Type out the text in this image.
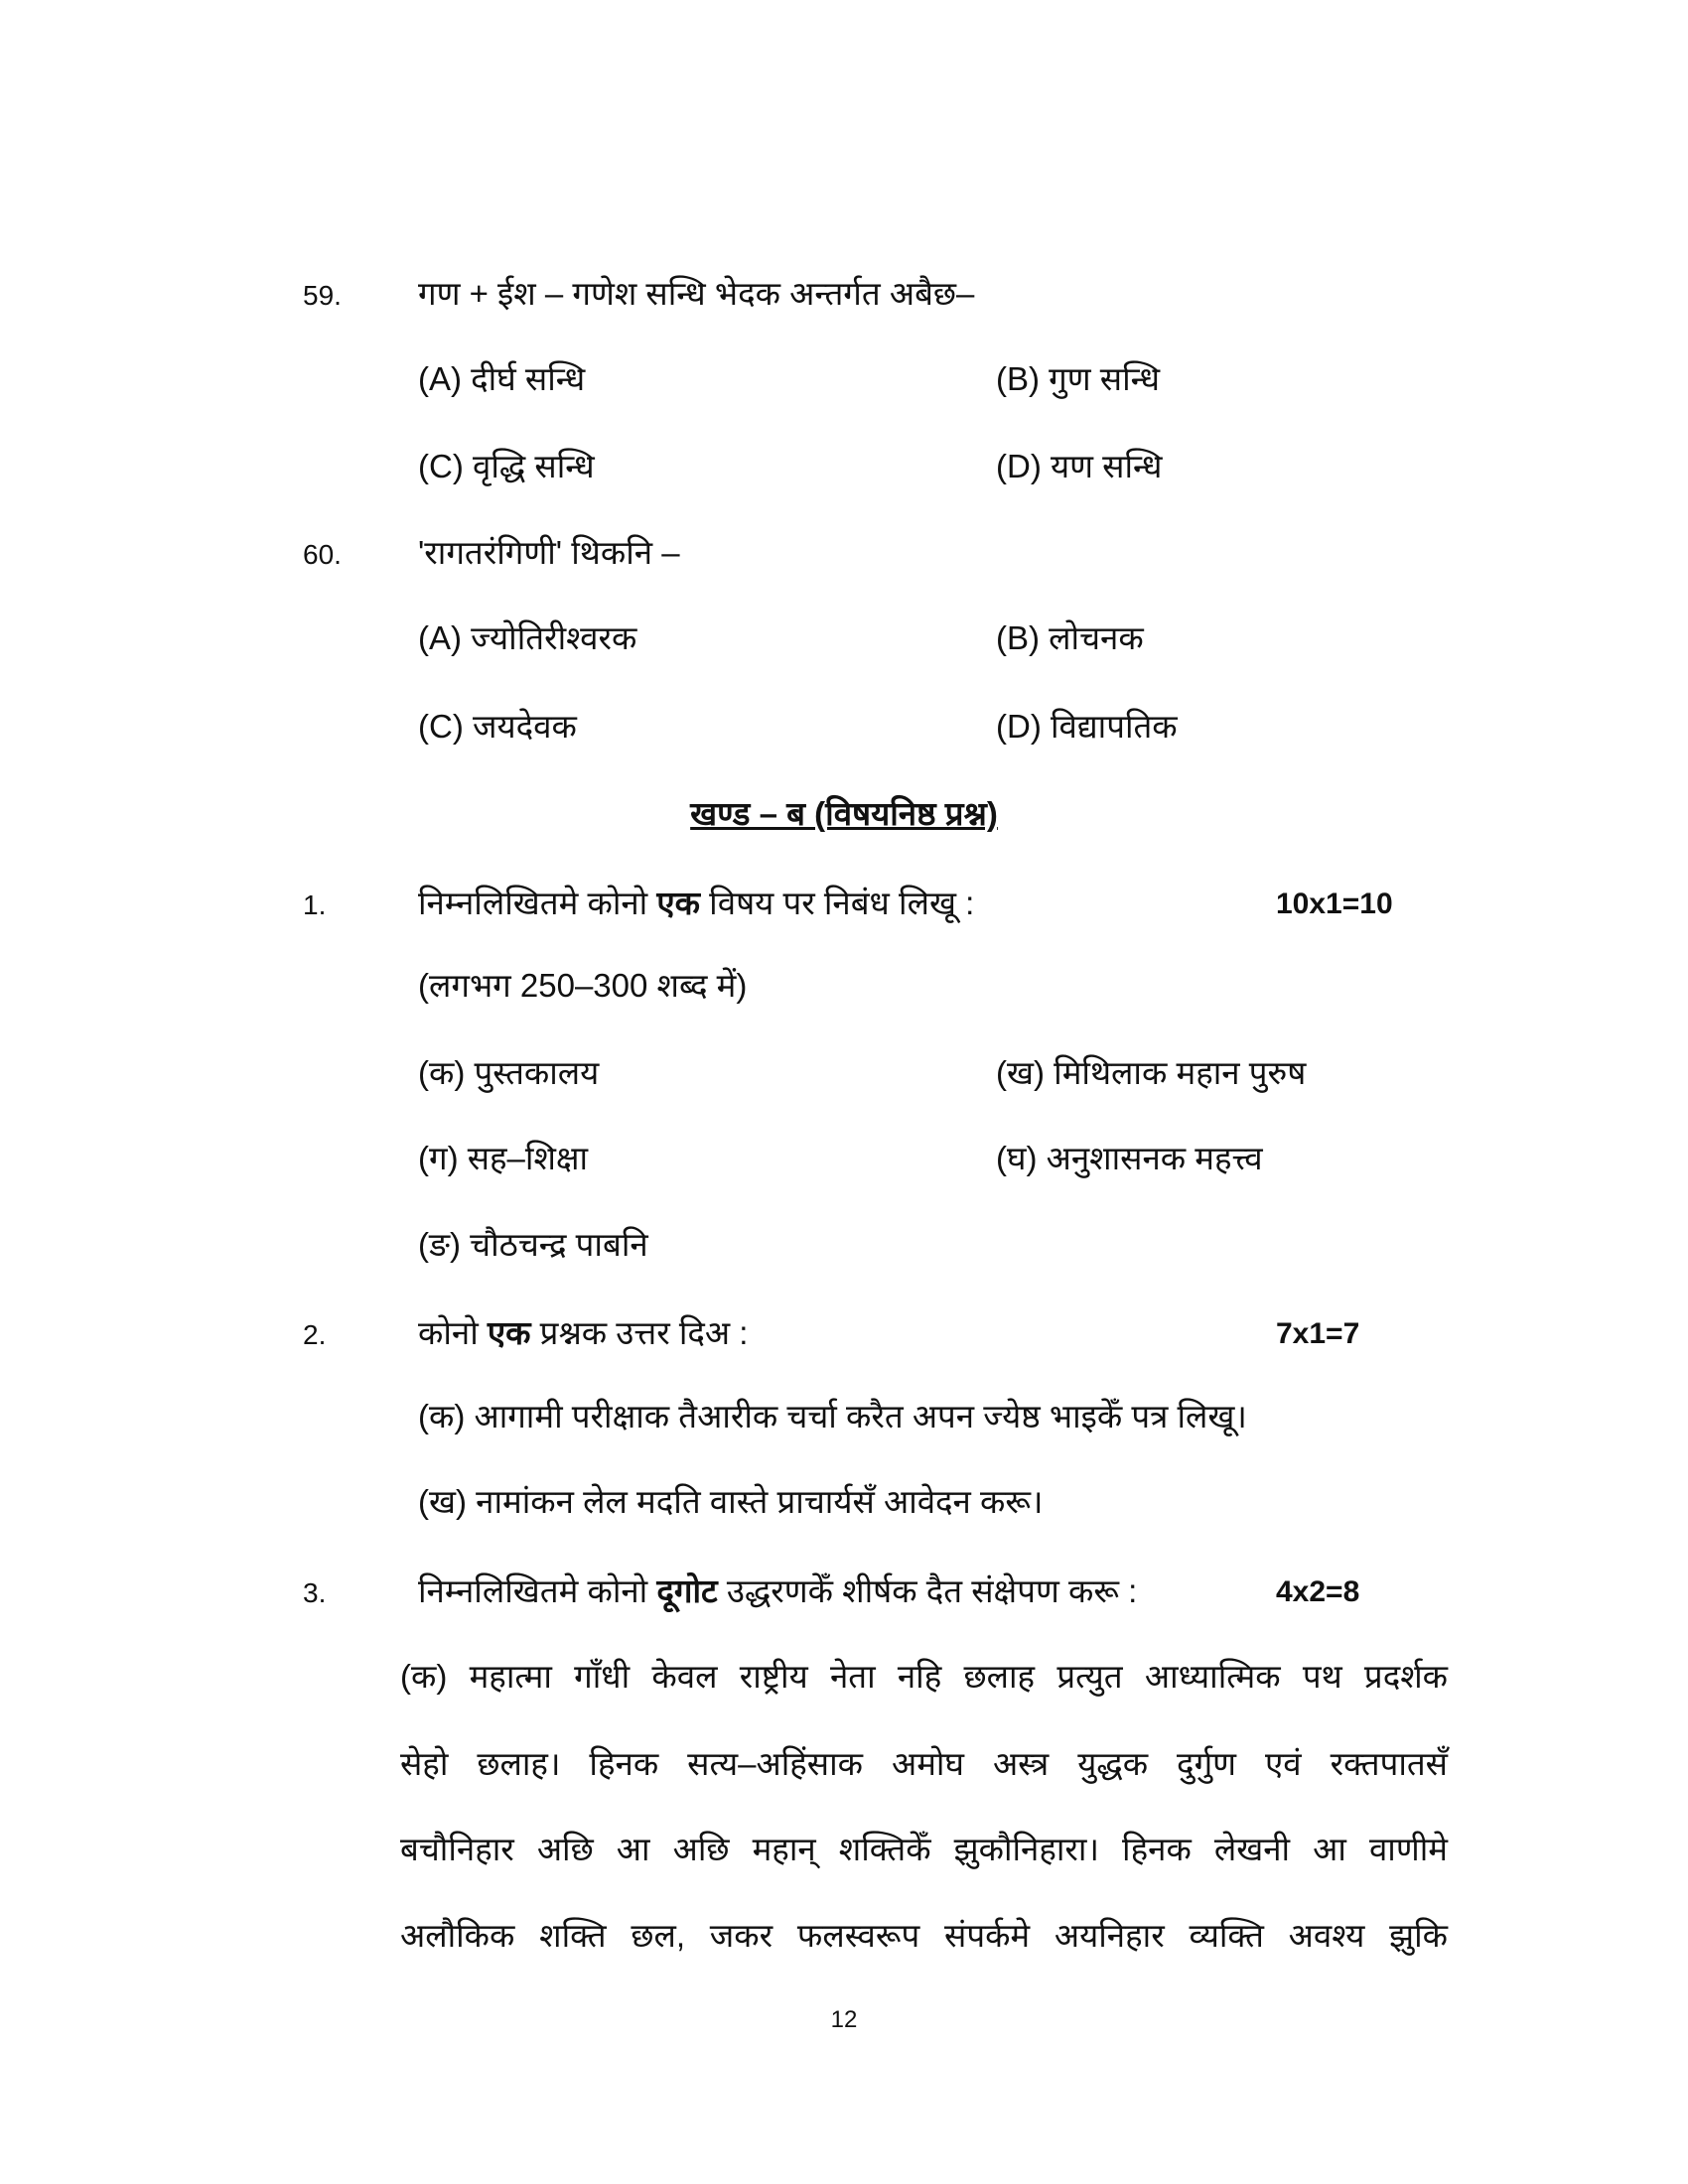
59. गण + ईश – गणेश सन्धि भेदक अन्तर्गत अबैछ–
(A) दीर्घ सन्धि	(B) गुण सन्धि
(C) वृद्धि सन्धि	(D) यण सन्धि
60. 'रागतरंगिणी' थिकनि –
(A) ज्योतिरीश्वरक	(B) लोचनक
(C) जयदेवक	(D) विद्यापतिक
खण्ड – ब (विषयनिष्ठ प्रश्न)
1.	निम्नलिखितमे कोनो एक विषय पर निबंध लिखू :	10x1=10
(लगभग 250–300 शब्द में)
(क) पुस्तकालय	(ख) मिथिलाक महान पुरुष
(ग) सह–शिक्षा	(घ) अनुशासनक महत्त्व
(ङ) चौठचन्द्र पाबनि
2.	कोनो एक प्रश्नक उत्तर दिअ :	7x1=7
(क) आगामी परीक्षाक तैआरीक चर्चा करैत अपन ज्येष्ठ भाइकेँ पत्र लिखू।
(ख) नामांकन लेल मदति वास्ते प्राचार्यसँ आवेदन करू।
3.	निम्नलिखितमे कोनो दूगोट उद्धरणकेँ शीर्षक दैत संक्षेपण करू :	4x2=8
(क) महात्मा गाँधी केवल राष्ट्रीय नेता नहि छलाह प्रत्युत आध्यात्मिक पथ प्रदर्शक
सेहो छलाह। हिनक सत्य–अहिंसाक अमोघ अस्त्र युद्धक दुर्गुण एवं रक्तपातसँ
बचौनिहार अछि आ अछि महान् शक्तिकेँ झुकौनिहारा। हिनक लेखनी आ वाणीमे
अलौकिक शक्ति छल, जकर फलस्वरूप संपर्कमे अयनिहार व्यक्ति अवश्य झुकि
12
